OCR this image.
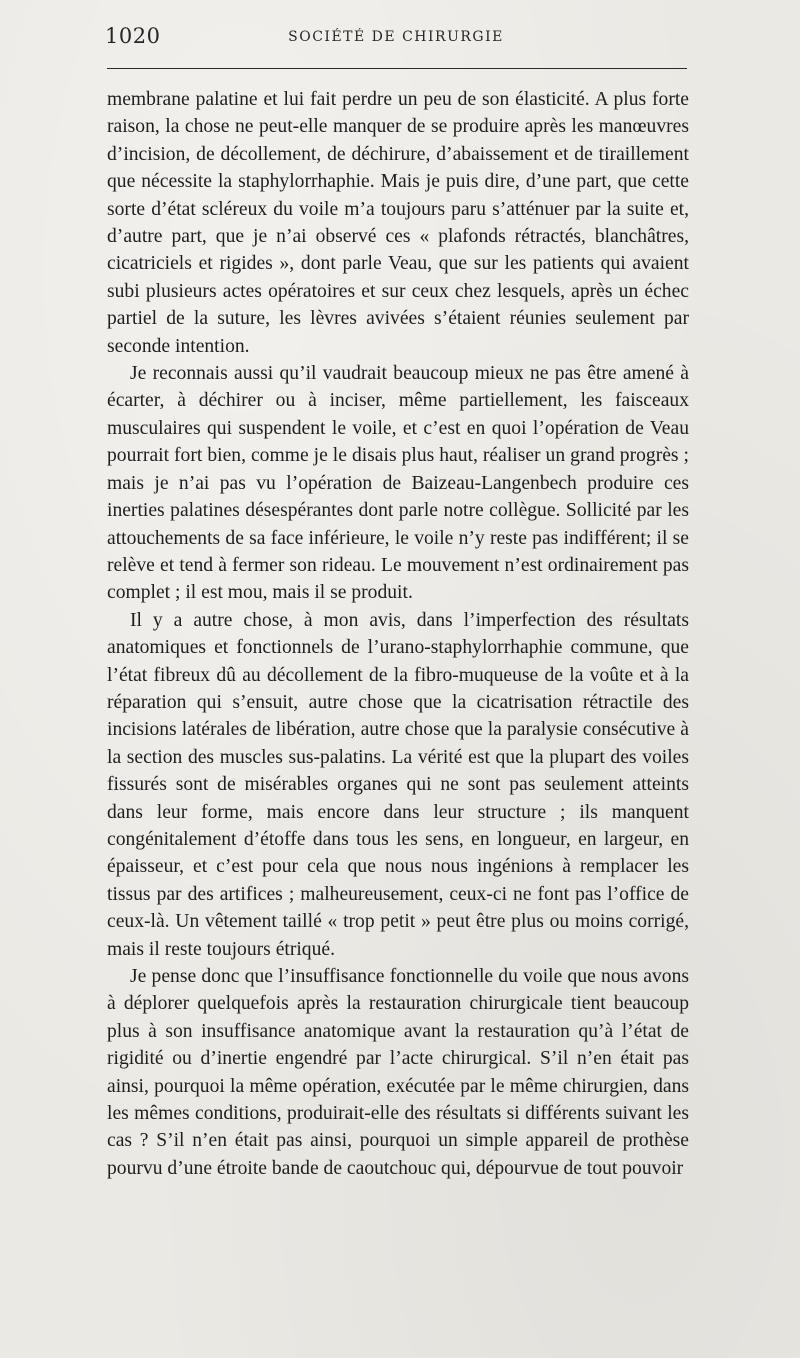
1020	SOCIÉTÉ DE CHIRURGIE

membrane palatine et lui fait perdre un peu de son élasticité. A plus forte raison, la chose ne peut-elle manquer de se produire après les manœuvres d’incision, de décollement, de déchirure, d’abaissement et de tiraillement que nécessite la staphylorrhaphie. Mais je puis dire, d’une part, que cette sorte d’état scléreux du voile m’a toujours paru s’atténuer par la suite et, d’autre part, que je n’ai observé ces « plafonds rétractés, blanchâtres, cicatriciels et rigides », dont parle Veau, que sur les patients qui avaient subi plusieurs actes opératoires et sur ceux chez lesquels, après un échec partiel de la suture, les lèvres avivées s’étaient réunies seulement par seconde intention.

Je reconnais aussi qu’il vaudrait beaucoup mieux ne pas être amené à écarter, à déchirer ou à inciser, même partiellement, les faisceaux musculaires qui suspendent le voile, et c’est en quoi l’opération de Veau pourrait fort bien, comme je le disais plus haut, réaliser un grand progrès ; mais je n’ai pas vu l’opération de Baizeau-Langenbech produire ces inerties palatines désespérantes dont parle notre collègue. Sollicité par les attouchements de sa face inférieure, le voile n’y reste pas indifférent; il se relève et tend à fermer son rideau. Le mouvement n’est ordinairement pas complet ; il est mou, mais il se produit.

Il y a autre chose, à mon avis, dans l’imperfection des résultats anatomiques et fonctionnels de l’urano-staphylorrhaphie commune, que l’état fibreux dû au décollement de la fibro-muqueuse de la voûte et à la réparation qui s’ensuit, autre chose que la cicatrisation rétractile des incisions latérales de libération, autre chose que la paralysie consécutive à la section des muscles sus-palatins. La vérité est que la plupart des voiles fissurés sont de misérables organes qui ne sont pas seulement atteints dans leur forme, mais encore dans leur structure ; ils manquent congénitalement d’étoffe dans tous les sens, en longueur, en largeur, en épaisseur, et c’est pour cela que nous nous ingénions à remplacer les tissus par des artifices ; malheureusement, ceux-ci ne font pas l’office de ceux-là. Un vêtement taillé « trop petit » peut être plus ou moins corrigé, mais il reste toujours étriqué.

Je pense donc que l’insuffisance fonctionnelle du voile que nous avons à déplorer quelquefois après la restauration chirurgicale tient beaucoup plus à son insuffisance anatomique avant la restauration qu’à l’état de rigidité ou d’inertie engendré par l’acte chirurgical. S’il n’en était pas ainsi, pourquoi la même opération, exécutée par le même chirurgien, dans les mêmes conditions, produirait-elle des résultats si différents suivant les cas ? S’il n’en était pas ainsi, pourquoi un simple appareil de prothèse pourvu d’une étroite bande de caoutchouc qui, dépourvue de tout pouvoir
